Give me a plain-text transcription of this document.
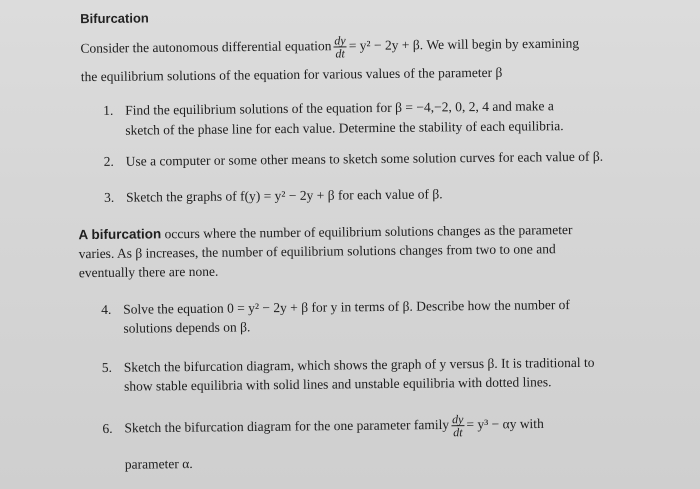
Bifurcation
Consider the autonomous differential equation $\frac{dy}{dt} = y^2 - 2y + \beta$. We will begin by examining
the equilibrium solutions of the equation for various values of the parameter β
1. Find the equilibrium solutions of the equation for β = −4,−2, 0, 2, 4 and make a
sketch of the phase line for each value. Determine the stability of each equilibria.
2. Use a computer or some other means to sketch some solution curves for each value of β.
3. Sketch the graphs of f(y) = y² − 2y + β for each value of β.
A bifurcation occurs where the number of equilibrium solutions changes as the parameter
varies. As β increases, the number of equilibrium solutions changes from two to one and
eventually there are none.
4. Solve the equation 0 = y² − 2y + β for y in terms of β. Describe how the number of
solutions depends on β.
5. Sketch the bifurcation diagram, which shows the graph of y versus β. It is traditional to
show stable equilibria with solid lines and unstable equilibria with dotted lines.
6. Sketch the bifurcation diagram for the one parameter family $\frac{dy}{dt} = y^3 - \alpha y$ with
parameter α.
